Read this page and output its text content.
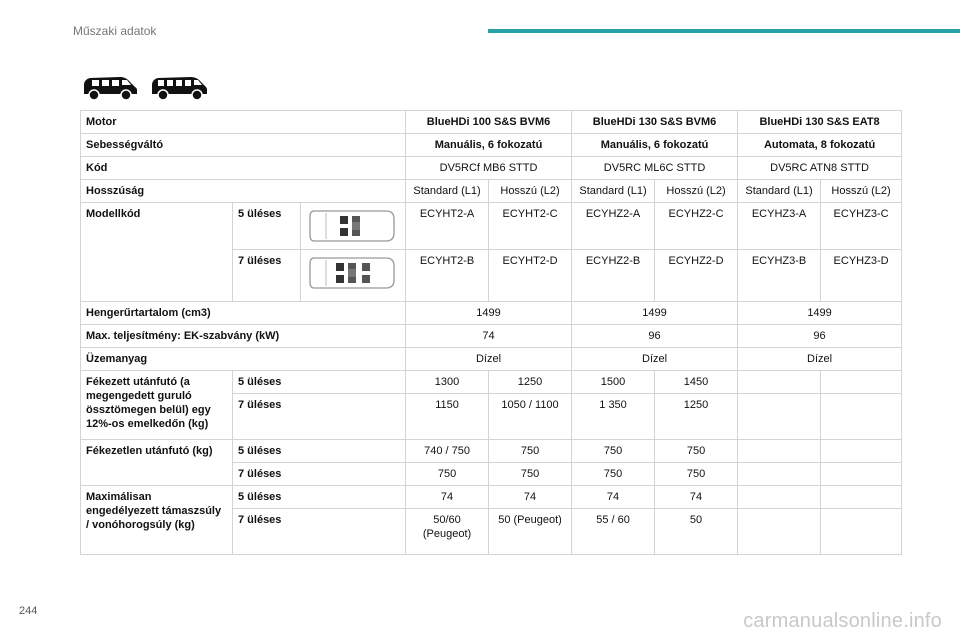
Műszaki adatok
Motor			BlueHDi 100 S&S BVM6		BlueHDi 130 S&S BVM6		BlueHDi 130 S&S EAT8	
Sebességváltó			Manuális, 6 fokozatú		Manuális, 6 fokozatú		Automata, 8 fokozatú	
Kód			DV5RCf MB6 STTD		DV5RC ML6C STTD		DV5RC ATN8 STTD	
Hosszúság			Standard (L1)	Hosszú (L2)	Standard (L1)	Hosszú (L2)	Standard (L1)	Hosszú (L2)
Modellkód	5 üléses		ECYHT2-A	ECYHT2-C	ECYHZ2-A	ECYHZ2-C	ECYHZ3-A	ECYHZ3-C
	7 üléses		ECYHT2-B	ECYHT2-D	ECYHZ2-B	ECYHZ2-D	ECYHZ3-B	ECYHZ3-D
Hengerűrtartalom (cm3)			1499		1499		1499	
Max. teljesítmény: EK-szabvány (kW)			74		96		96	
Üzemanyag			Dízel		Dízel		Dízel	
Fékezett utánfutó (a megengedett guruló össztömegen belül) egy 12%-os emelkedőn (kg)	5 üléses		1300	1250	1500	1450		
	7 üléses		1150	1050 / 1100	1 350	1250		
Fékezetlen utánfutó (kg)	5 üléses		740 / 750	750	750	750		
	7 üléses		750	750	750	750		
Maximálisan engedélyezett támaszsúly / vonóhorogsúly (kg)	5 üléses		74	74	74	74		
	7 üléses		50/60 (Peugeot)	50 (Peugeot)	55 / 60	50		
244	carmanualsonline.info
